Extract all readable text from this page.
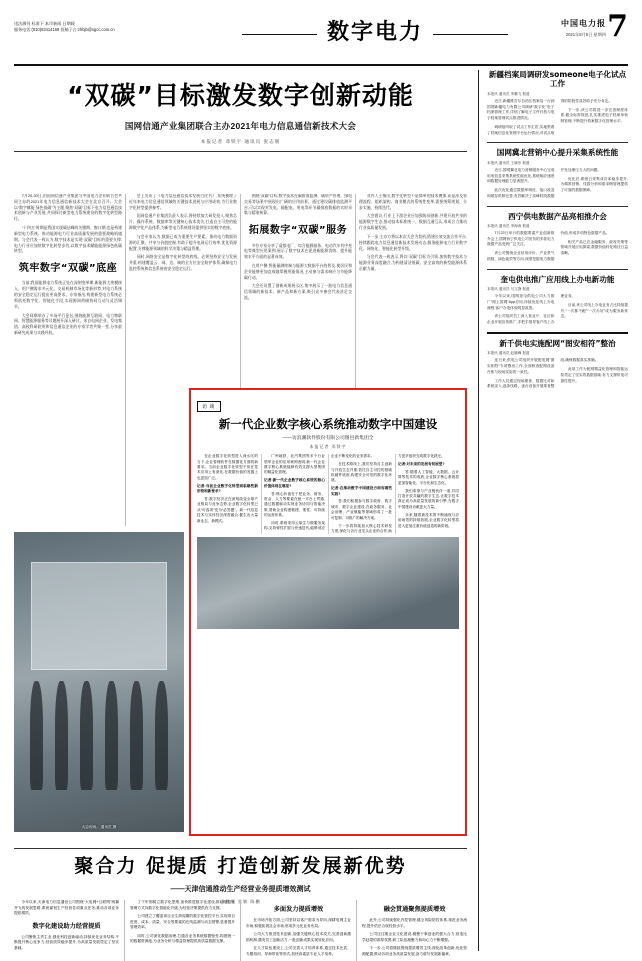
违法测刊 标准下 本市新闻 日期载
服务电话:(010)63414169 投稿子台:zhbjb@sgcc.com.cn	数字电力	中国电力报
2021年8月5日 星期四 7
“双碳”目标激发数字创新动能
国网信通产业集团联合主办2021年电力信息通信新技术大会
本报记者 邓铁宇 通讯员 张志朋

7月20-30日,由国网信通产业集团与中国电力企业联合会共同主办的2021年电力信息通信新技术大会在北京召开。大会以“数字赋能 绿色低碳”为主题,聚焦“双碳”目标下电力信息通信技术创新与产业发展,共同探讨新型电力系统建设的数字化转型路径。

“十四五”时期是我国实现碳达峰的关键期、窗口期,也是构建新型电力系统、推动能源电力行业高质量发展的重要战略机遇期。与会代表一致认为,数字技术是实现“双碳”目标的重要支撑,电力行业应加快数字化转型步伐,以数字技术赋能能源绿色低碳转型。

筑牢数字“双碳”底座

当前,我国能源电力系统正处在深刻变革期,新能源大规模接入、用户侧需求多元化、交易机制市场化等新形势,对电力系统的安全稳定运行提出更高要求。专家指出,构建新型电力系统必须依托数字化、智能化手段,实现源网荷储协同互动与灵活调节。

大会同期举办了多场平行论坛,围绕能源互联网、电力物联网、智慧能源服务等议题展开深入研讨。来自电网企业、发电集团、高校科研院所和信息通信企业的专家学者共聚一堂,分享最新研究成果与实践经验。

会上发布了《电力信息通信技术发展白皮书》,系统梳理了近年来电力信息通信领域的关键技术进展与应用成效,为行业数字化转型提供参考。

国网信通产业集团负责人表示,将持续加大研发投入,聚焦芯片、操作系统、数据库等关键核心技术攻关,打造自主可控的能源数字化产品体系,为新型电力系统建设提供坚实的数字底座。

与会专家认为,数据已成为重要生产要素。推动电力数据资源的汇聚、共享与价值挖掘,有助于提升电网运行效率,优化资源配置,支撑能源领域的科学决策与精益管理。

同时,网络安全是数字化转型的底线。必须坚持安全与发展并重,构建覆盖云、网、边、端的全方位安全防护体系,确保电力监控系统和信息系统的安全稳定运行。

围绕“双碳”目标,数字技术在碳排放监测、碳资产管理、绿电交易等场景中展现出广阔的应用前景。通过建设碳排放监测平台,可以实现对发电、输配电、用电等环节碳排放数据的实时采集与精准核算。

拓展数字“双碳”服务

多位专家分享了虚拟电厂、综合能源服务、电动汽车有序充电等典型应用案例,展示了数字技术在促进新能源消纳、提升能效水平方面的显著成效。

在用户侧,智能量测终端与能源大数据平台的普及,使居民和企业能够更加直观地掌握用能情况,主动参与需求响应与节能降碳行动。

大会还设置了创新成果展示区,集中展示了一批电力信息通信领域的新技术、新产品和新方案,吸引众多参会代表驻足交流。

业内人士指出,数字化转型不是简单的技术叠加,而是涉及管理流程、组织架构、商业模式的系统性变革,需要统筹规划、分步实施、持续迭代。

大会倡议,行业上下游企业应加强协同创新,共建开放共享的能源数字生态,推动技术标准统一、数据互通互认,形成合力推动行业高质量发展。

下一步,主办方将以本次大会为契机,搭建长效交流合作平台,持续跟踪电力信息通信新技术发展动态,服务能源电力行业数字化、网络化、智能化转型升级。

与会代表一致表示,将以“双碳”目标为引领,加快数字技术与能源业务深度融合,为构建清洁低碳、安全高效的新型能源体系贡献力量。

大会现场。 通讯员 摄
访谈
新一代企业数字核心系统推动数字中国建设
——访浪潮软件股份有限公司图邑新集团全
本报记者 邓铁宇

在企业数字化转型进入深水区的当下,企业管理软件在数据化方面的新要求。当前企业数字化转型不但在技术应用上有深化,在数据价值的发掘上也更加广泛。

记者:当前企业数字化转型面临哪些新形势和新要求?

答:数字经济正在深刻改变全球产业格局与竞争态势,企业数字化转型已从“可选项”变为“必答题”。新一代信息技术与实体经济深度融合,催生出大量新业态、新模式。

广州地铁、北汽集团等多个行业领军企业的应用案例表明,新一代企业数字核心系统能够有效支撑大型集团的精益化管理。

记者:新一代企业数字核心系统的核心价值体现在哪里?

答:核心价值在于把业务、财务、资金、人力等要素在统一平台上贯通,通过数据驱动实现业务协同与智能决策,帮助企业构建敏捷、柔性、可持续的运营体系。

同时,系统采用云原生与微服务架构,支持弹性扩展与快速迭代,能够适应企业不断变化的业务需求。

在技术路线上,我们坚持自主创新与开放生态并重,依托自主可控的基础软硬件底座,构建安全可信的数字化环境。

记者:在推动数字中国建设方面有哪些实践?

答:我们积极参与数字政府、数字城市、数字企业建设,在政务服务、社会治理、产业赋能等领域形成了一批可复制、可推广的解决方案。

下一步将持续加大核心技术研发力度,深化与各行业龙头企业的合作,助力更多组织完成数字化跃迁。

记者:对未来的发展有何展望?

答:随着人工智能、大数据、云计算等技术的成熟,企业数字核心系统将更加智能化、平台化和生态化。

我们希望与产业链伙伴一道,共同打造开放共赢的数字生态,让数字技术真正成为高质量发展的新引擎,为数字中国建设贡献更大力量。

未来,随着新技术的不断涌现与应用场景的持续拓展,企业数字化转型将进入更加注重价值创造的新阶段。

聚合力 促提质 打造创新发展新优势
——天津信通推动生产经营业务提质增效测试
田鹏琴 张敏 陈鹏

今年以来,天津电力信息通信公司围绕“大电网+互联网”两翼齐飞的发展思路,系统谋划生产经营各项重点任务,推动各项业务提质增效。

数字化建设助力经营提质

公司聚焦主责主业,强化科技创新驱动,持续优化业务结构,不断提升核心竞争力,经营质效稳步提升,为高质量发展奠定了坚实基础。

了下牢固树立数字化思维,加快推进数字化建设,推动信息化管理方式向数字化智能化升级,为经营决策提供有力支撑。

公司建立了覆盖项目全生命周期的数字化管控平台,实现项目进度、成本、质量、安全等要素的在线监测与动态预警,显著提升管理效率。

同时,公司深化数据治理,打通各业务系统数据壁垒,构建统一的数据资源池,为业务分析与精益管理提供高质量数据支撑。

多面发力提质增效

在市场开拓方面,公司坚持以客户需求为导向,深耕电网主业市场,积极拓展社会市场,形成多元化业务布局。

公司大力推进技术创新,加强关键核心技术攻关,完善创新激励机制,激发员工创新活力,一批创新成果实现转化应用。

在人才队伍建设上,公司完善人才培养体系,通过技术比武、专题培训、导师带徒等形式,加快高素质专业人才培养。

融会贯通聚焦提质增效

此外,公司持续强化内控管理,健全风险防控体系,规范业务流程,提升依法合规经营水平。

公司还注重企业文化建设,凝聚干事创业的强大合力,营造比学赶超的浓厚氛围,职工队伍凝聚力和向心力不断增强。

下一步,公司将继续围绕提质增效主线,深化改革创新,优化资源配置,推动各项业务高质量发展,奋力谱写发展新篇章。

新疆档案局调研发someone电子化试点工作
本报讯 通讯员 李鹏飞 报道

近日,新疆维吾尔自治区档案局一行到国网新疆电力有限公司调研“数字化”电子档案管理工作,详细了解电子文件归档与电子档案管理试点推进情况。

调研组听取了试点工作汇报,实地察看了档案信息化管理平台运行情况,对试点取得的阶段性成效给予充分肯定。

下一步,该公司将进一步完善制度体系,健全标准规范,扎实推进电子档案单套制管理,不断提升档案数字化管理水平。

国网冀北营销中心提升采集系统性能
本报讯 通讯员 王晓东 报道

近日,国网冀北电力营销服务中心完成用电信息采集系统性能优化,系统响应速度和数据处理能力显著提升。

此次优化通过数据库调优、接口改造和缓存机制完善,有效解决了高峰时段数据并发处理压力大的问题。

优化后,系统日采集成功率稳步提升,为精准营销、线损分析和需求侧管理提供了可靠的数据保障。

西宁供电数据产品亮相推介会
本报讯 通讯员 李海涛 报道

7月23日举行的数据要素产业创新推介会上,国网西宁供电公司发布的多款电力数据产品受到广泛关注。

该公司围绕企业信用评价、产业景气指数、绿色能效等方向,深度挖掘电力数据价值,形成多项特色数据产品。

相关产品已在金融服务、政府决策等领域开展应用探索,数据价值转化路径日益清晰。

奎屯供电推广应用线上办电新功能
本报讯 通讯员 马文静 报道

今年以来,国网奎屯供电公司大力推广“网上国网”App应用,持续优化线上办电流程,客户办电体验明显改善。

该公司组织员工深入营业厅、社区和企业开展宣传推广,手把手指导客户线上办理业务。

目前,该公司线上办电业务占比持续提升,“一次都不跑”“一次办好”成为服务新常态。

新千供电实施配网“图安相符”整治
本报讯 通讯员 赵晓峰 报道

连日来,供电公司组织开展配电网“图实相符”专项整治工作,全面核查配网设备台账与现场实际的一致性。

工作人员通过现场勘查、数据比对和系统录入,逐条线路、逐台设备开展排查整改,确保数据真实准确。

此项工作为配网精益化管理和智能运检奠定了坚实的数据基础,有力支撑供电可靠性提升。
